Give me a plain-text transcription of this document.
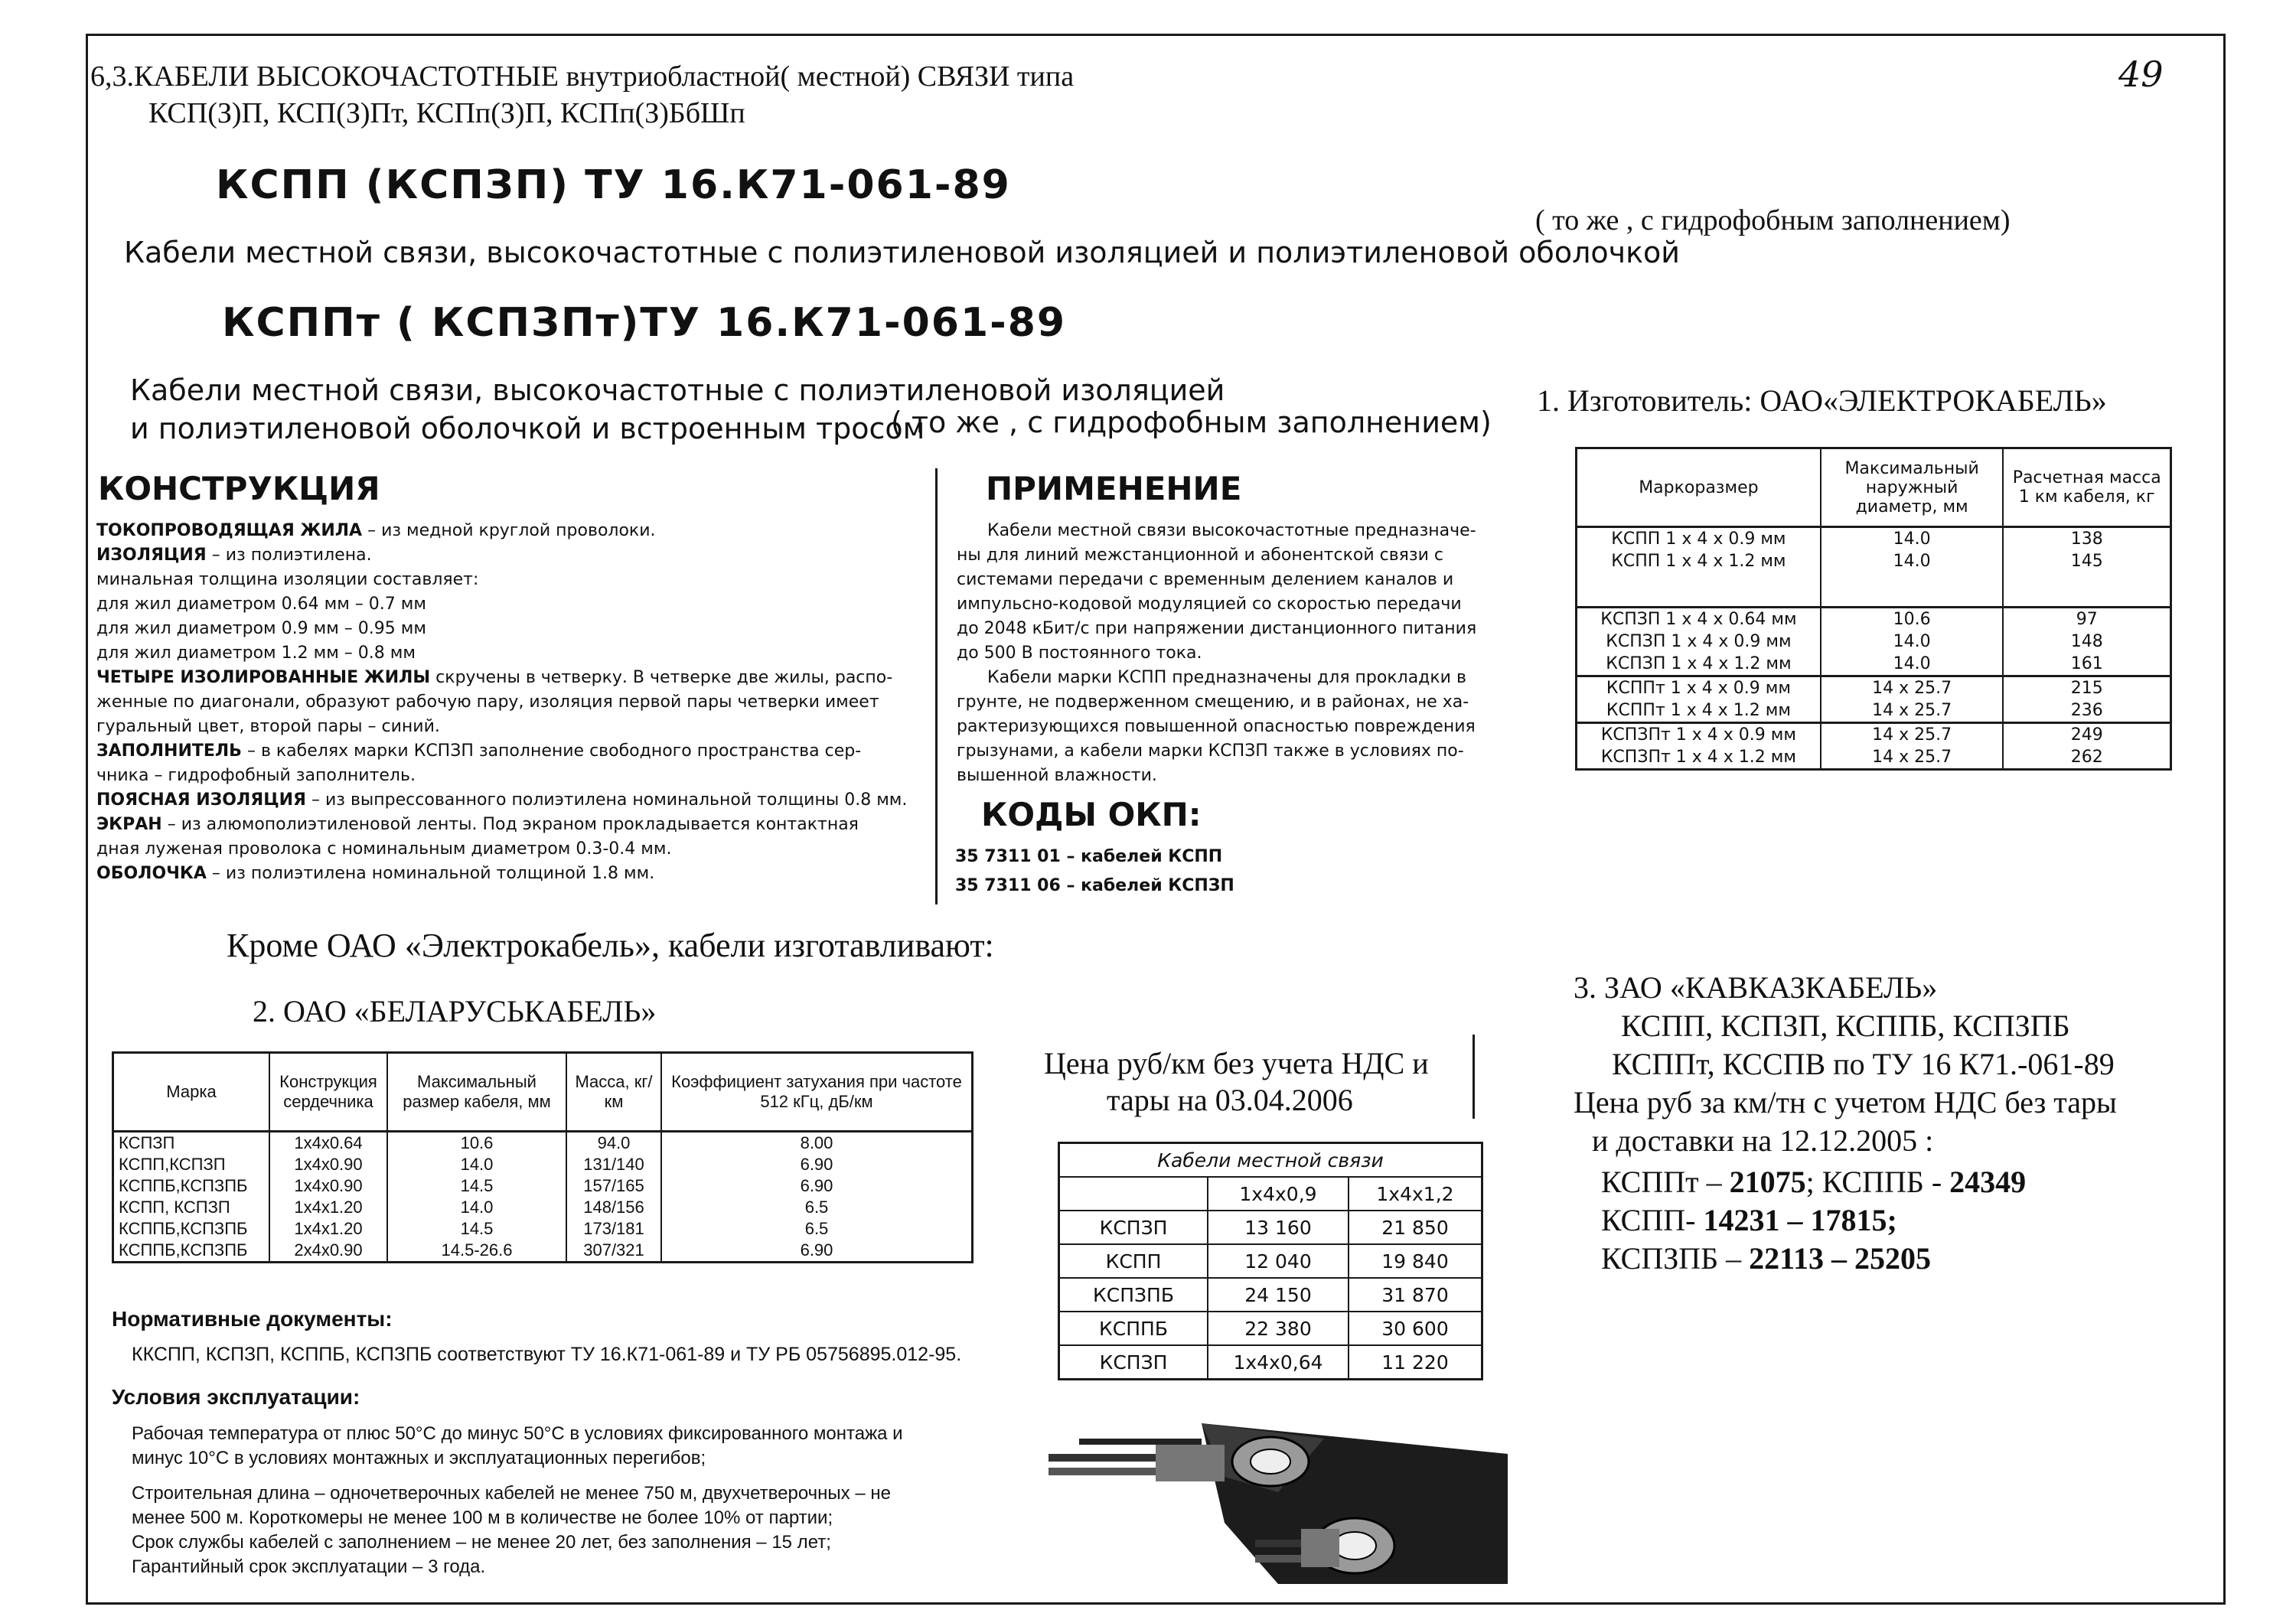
6,3.КАБЕЛИ ВЫСОКОЧАСТОТНЫЕ внутриобластной( местной) СВЯЗИ типа
КСП(З)П, КСП(З)Пт, КСПп(З)П, КСПп(З)БбШп
49
КСПП (КСПЗП) ТУ 16.К71-061-89
Кабели местной связи, высокочастотные с полиэтиленовой изоляцией и полиэтиленовой оболочкой
( то же , с гидрофобным заполнением)
КСППт ( КСПЗПт)ТУ 16.К71-061-89
Кабели местной связи, высокочастотные с полиэтиленовой изоляцией
и полиэтиленовой оболочкой и встроенным тросом
( то же , с гидрофобным заполнением)
1. Изготовитель: ОАО«ЭЛЕКТРОКАБЕЛЬ»
КОНСТРУКЦИЯ
ТОКОПРОВОДЯЩАЯ ЖИЛА – из медной круглой проволоки.
ИЗОЛЯЦИЯ – из полиэтилена.
минальная толщина изоляции составляет:
для жил диаметром 0.64 мм – 0.7 мм
для жил диаметром 0.9 мм – 0.95 мм
для жил диаметром 1.2 мм – 0.8 мм
ЧЕТЫРЕ ИЗОЛИРОВАННЫЕ ЖИЛЫ скручены в четверку. В четверке две жилы, распо-
женные по диагонали, образуют рабочую пару, изоляция первой пары четверки имеет
гуральный цвет, второй пары – синий.
ЗАПОЛНИТЕЛЬ – в кабелях марки КСПЗП заполнение свободного пространства сер-
чника – гидрофобный заполнитель.
ПОЯСНАЯ ИЗОЛЯЦИЯ – из выпрессованного полиэтилена номинальной толщины 0.8 мм.
ЭКРАН – из алюмополиэтиленовой ленты. Под экраном прокладывается контактная
дная луженая проволока с номинальным диаметром 0.3-0.4 мм.
ОБОЛОЧКА – из полиэтилена номинальной толщиной 1.8 мм.
ПРИМЕНЕНИЕ
Кабели местной связи высокочастотные предназначе-
ны для линий межстанционной и абонентской связи с
системами передачи с временным делением каналов и
импульсно-кодовой модуляцией со скоростью передачи
до 2048 кБит/с при напряжении дистанционного питания
до 500 В постоянного тока.
Кабели марки КСПП предназначены для прокладки в
грунте, не подверженном смещению, и в районах, не ха-
рактеризующихся повышенной опасностью повреждения
грызунами, а кабели марки КСПЗП также в условиях по-
вышенной влажности.
КОДЫ ОКП:
35 7311 01 – кабелей КСПП
35 7311 06 – кабелей КСПЗП
Маркоразмер	Максимальный наружный диаметр, мм	Расчетная масса 1 км кабеля, кг
КСПП 1 x 4 x 0.9 мм	14.0	138
КСПП 1 x 4 x 1.2 мм	14.0	145

КСПЗП 1 x 4 x 0.64 мм	10.6	97
КСПЗП 1 x 4 x 0.9 мм	14.0	148
КСПЗП 1 x 4 x 1.2 мм	14.0	161
КСППт 1 x 4 x 0.9 мм	14 x 25.7	215
КСППт 1 x 4 x 1.2 мм	14 x 25.7	236
КСПЗПт 1 x 4 x 0.9 мм	14 x 25.7	249
КСПЗПт 1 x 4 x 1.2 мм	14 x 25.7	262
Кроме ОАО «Электрокабель», кабели изготавливают:
2. ОАО «БЕЛАРУСЬКАБЕЛЬ»
Марка	Конструкция сердечника	Максимальный размер кабеля, мм	Масса, кг/км	Коэффициент затухания при частоте 512 кГц, дБ/км
КСПЗП	1x4x0.64	10.6	94.0	8.00
КСПП,КСПЗП	1x4x0.90	14.0	131/140	6.90
КСППБ,КСПЗПБ	1x4x0.90	14.5	157/165	6.90
КСПП, КСПЗП	1x4x1.20	14.0	148/156	6.5
КСППБ,КСПЗПБ	1x4x1.20	14.5	173/181	6.5
КСППБ,КСПЗПБ	2x4x0.90	14.5-26.6	307/321	6.90
Нормативные документы:
ККСПП, КСПЗП, КСППБ, КСПЗПБ соответствуют ТУ 16.К71-061-89 и ТУ РБ 05756895.012-95.
Условия эксплуатации:
Рабочая температура от плюс 50°С до минус 50°С в условиях фиксированного монтажа и
минус 10°С в условиях монтажных и эксплуатационных перегибов;
Строительная длина – одночетверочных кабелей не менее 750 м, двухчетверочных – не
менее 500 м. Короткомеры не менее 100 м в количестве не более 10% от партии;
Срок службы кабелей с заполнением – не менее 20 лет, без заполнения – 15 лет;
Гарантийный срок эксплуатации – 3 года.
Цена руб/км без учета НДС и
тары на 03.04.2006
Кабели местной связи		
	1x4x0,9	1x4x1,2
КСПЗП	13 160	21 850
КСПП	12 040	19 840
КСПЗПБ	24 150	31 870
КСППБ	22 380	30 600
КСПЗП	1x4x0,64	11 220
3. ЗАО «КАВКАЗКАБЕЛЬ»
КСПП, КСПЗП, КСППБ, КСПЗПБ
КСППт, КССПВ по ТУ 16 К71.-061-89
Цена руб за км/тн с учетом НДС без тары
и доставки на 12.12.2005 :
КСППт – 21075; КСППБ - 24349
КСПП- 14231 – 17815;
КСПЗПБ – 22113 – 25205
